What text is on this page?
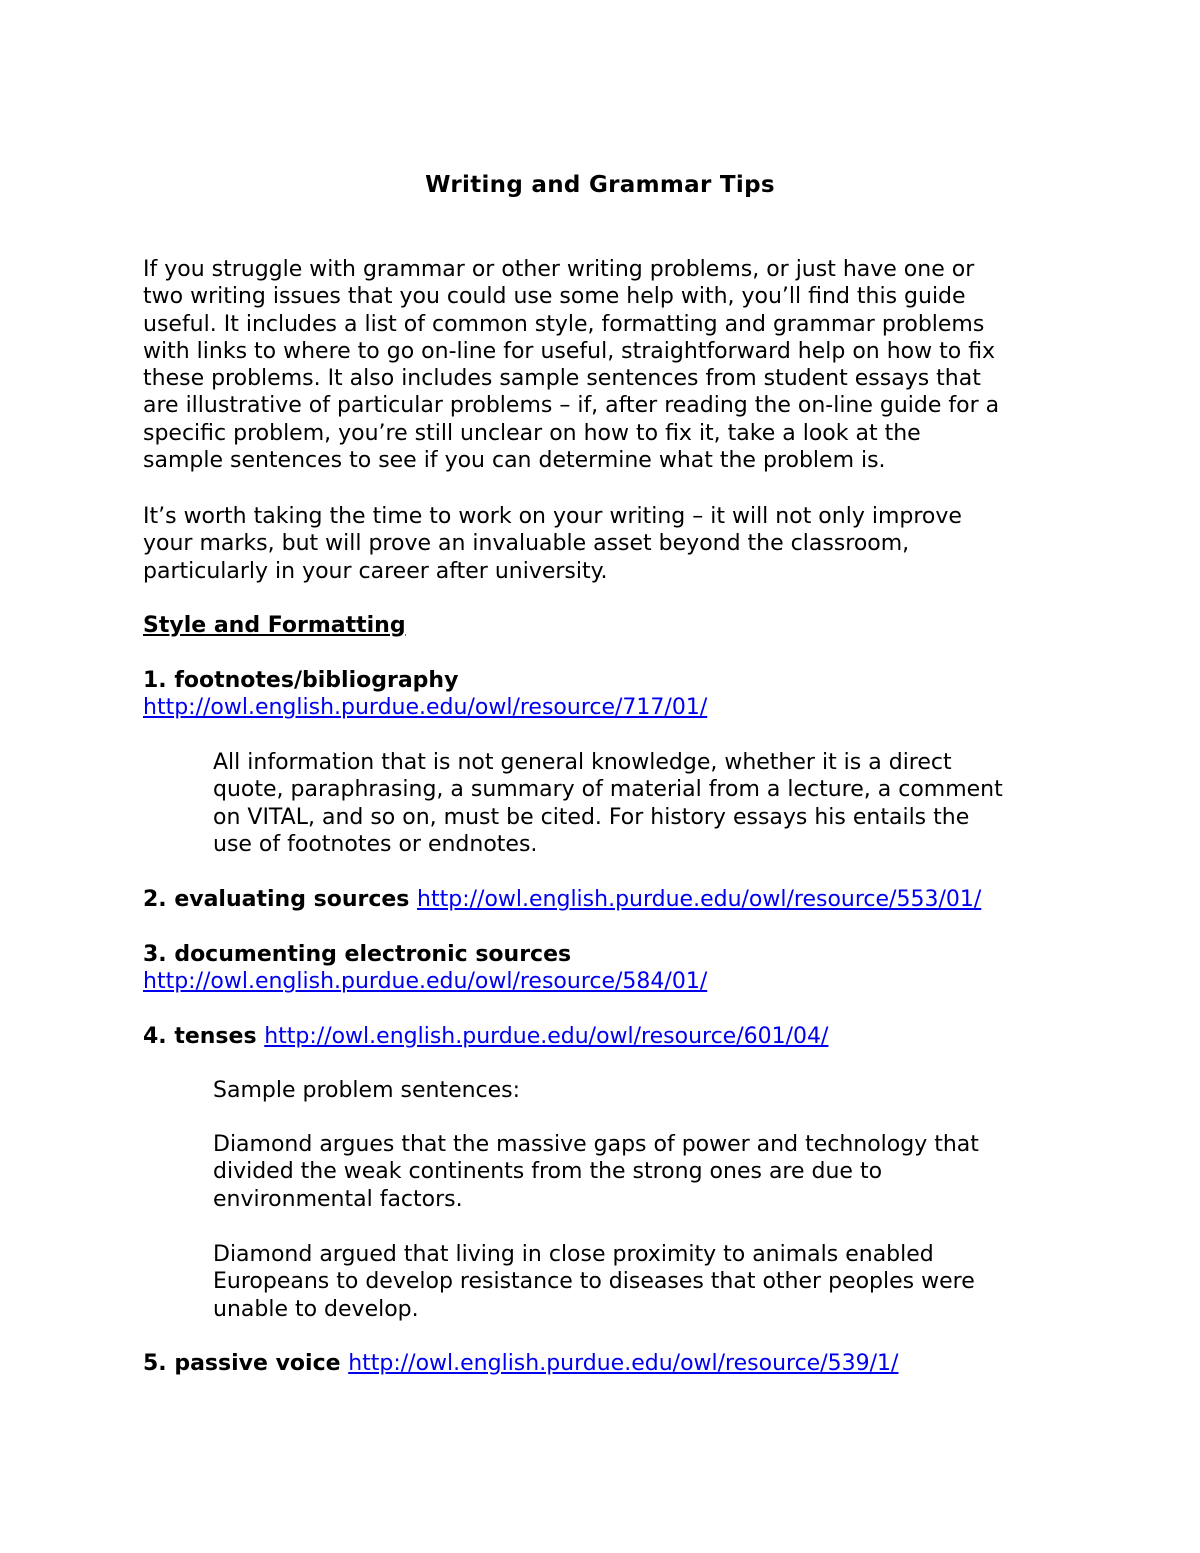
Writing and Grammar Tips

If you struggle with grammar or other writing problems, or just have one or
two writing issues that you could use some help with, you’ll find this guide
useful. It includes a list of common style, formatting and grammar problems
with links to where to go on-line for useful, straightforward help on how to fix
these problems. It also includes sample sentences from student essays that
are illustrative of particular problems – if, after reading the on-line guide for a
specific problem, you’re still unclear on how to fix it, take a look at the
sample sentences to see if you can determine what the problem is.

It’s worth taking the time to work on your writing – it will not only improve
your marks, but will prove an invaluable asset beyond the classroom,
particularly in your career after university.

Style and Formatting
1. footnotes/bibliography
http://owl.english.purdue.edu/owl/resource/717/01/

All information that is not general knowledge, whether it is a direct
quote, paraphrasing, a summary of material from a lecture, a comment
on VITAL, and so on, must be cited. For history essays his entails the
use of footnotes or endnotes.

2. evaluating sources http://owl.english.purdue.edu/owl/resource/553/01/
3. documenting electronic sources
http://owl.english.purdue.edu/owl/resource/584/01/
4. tenses http://owl.english.purdue.edu/owl/resource/601/04/

Sample problem sentences:

Diamond argues that the massive gaps of power and technology that
divided the weak continents from the strong ones are due to
environmental factors.

Diamond argued that living in close proximity to animals enabled
Europeans to develop resistance to diseases that other peoples were
unable to develop.

5. passive voice http://owl.english.purdue.edu/owl/resource/539/1/
